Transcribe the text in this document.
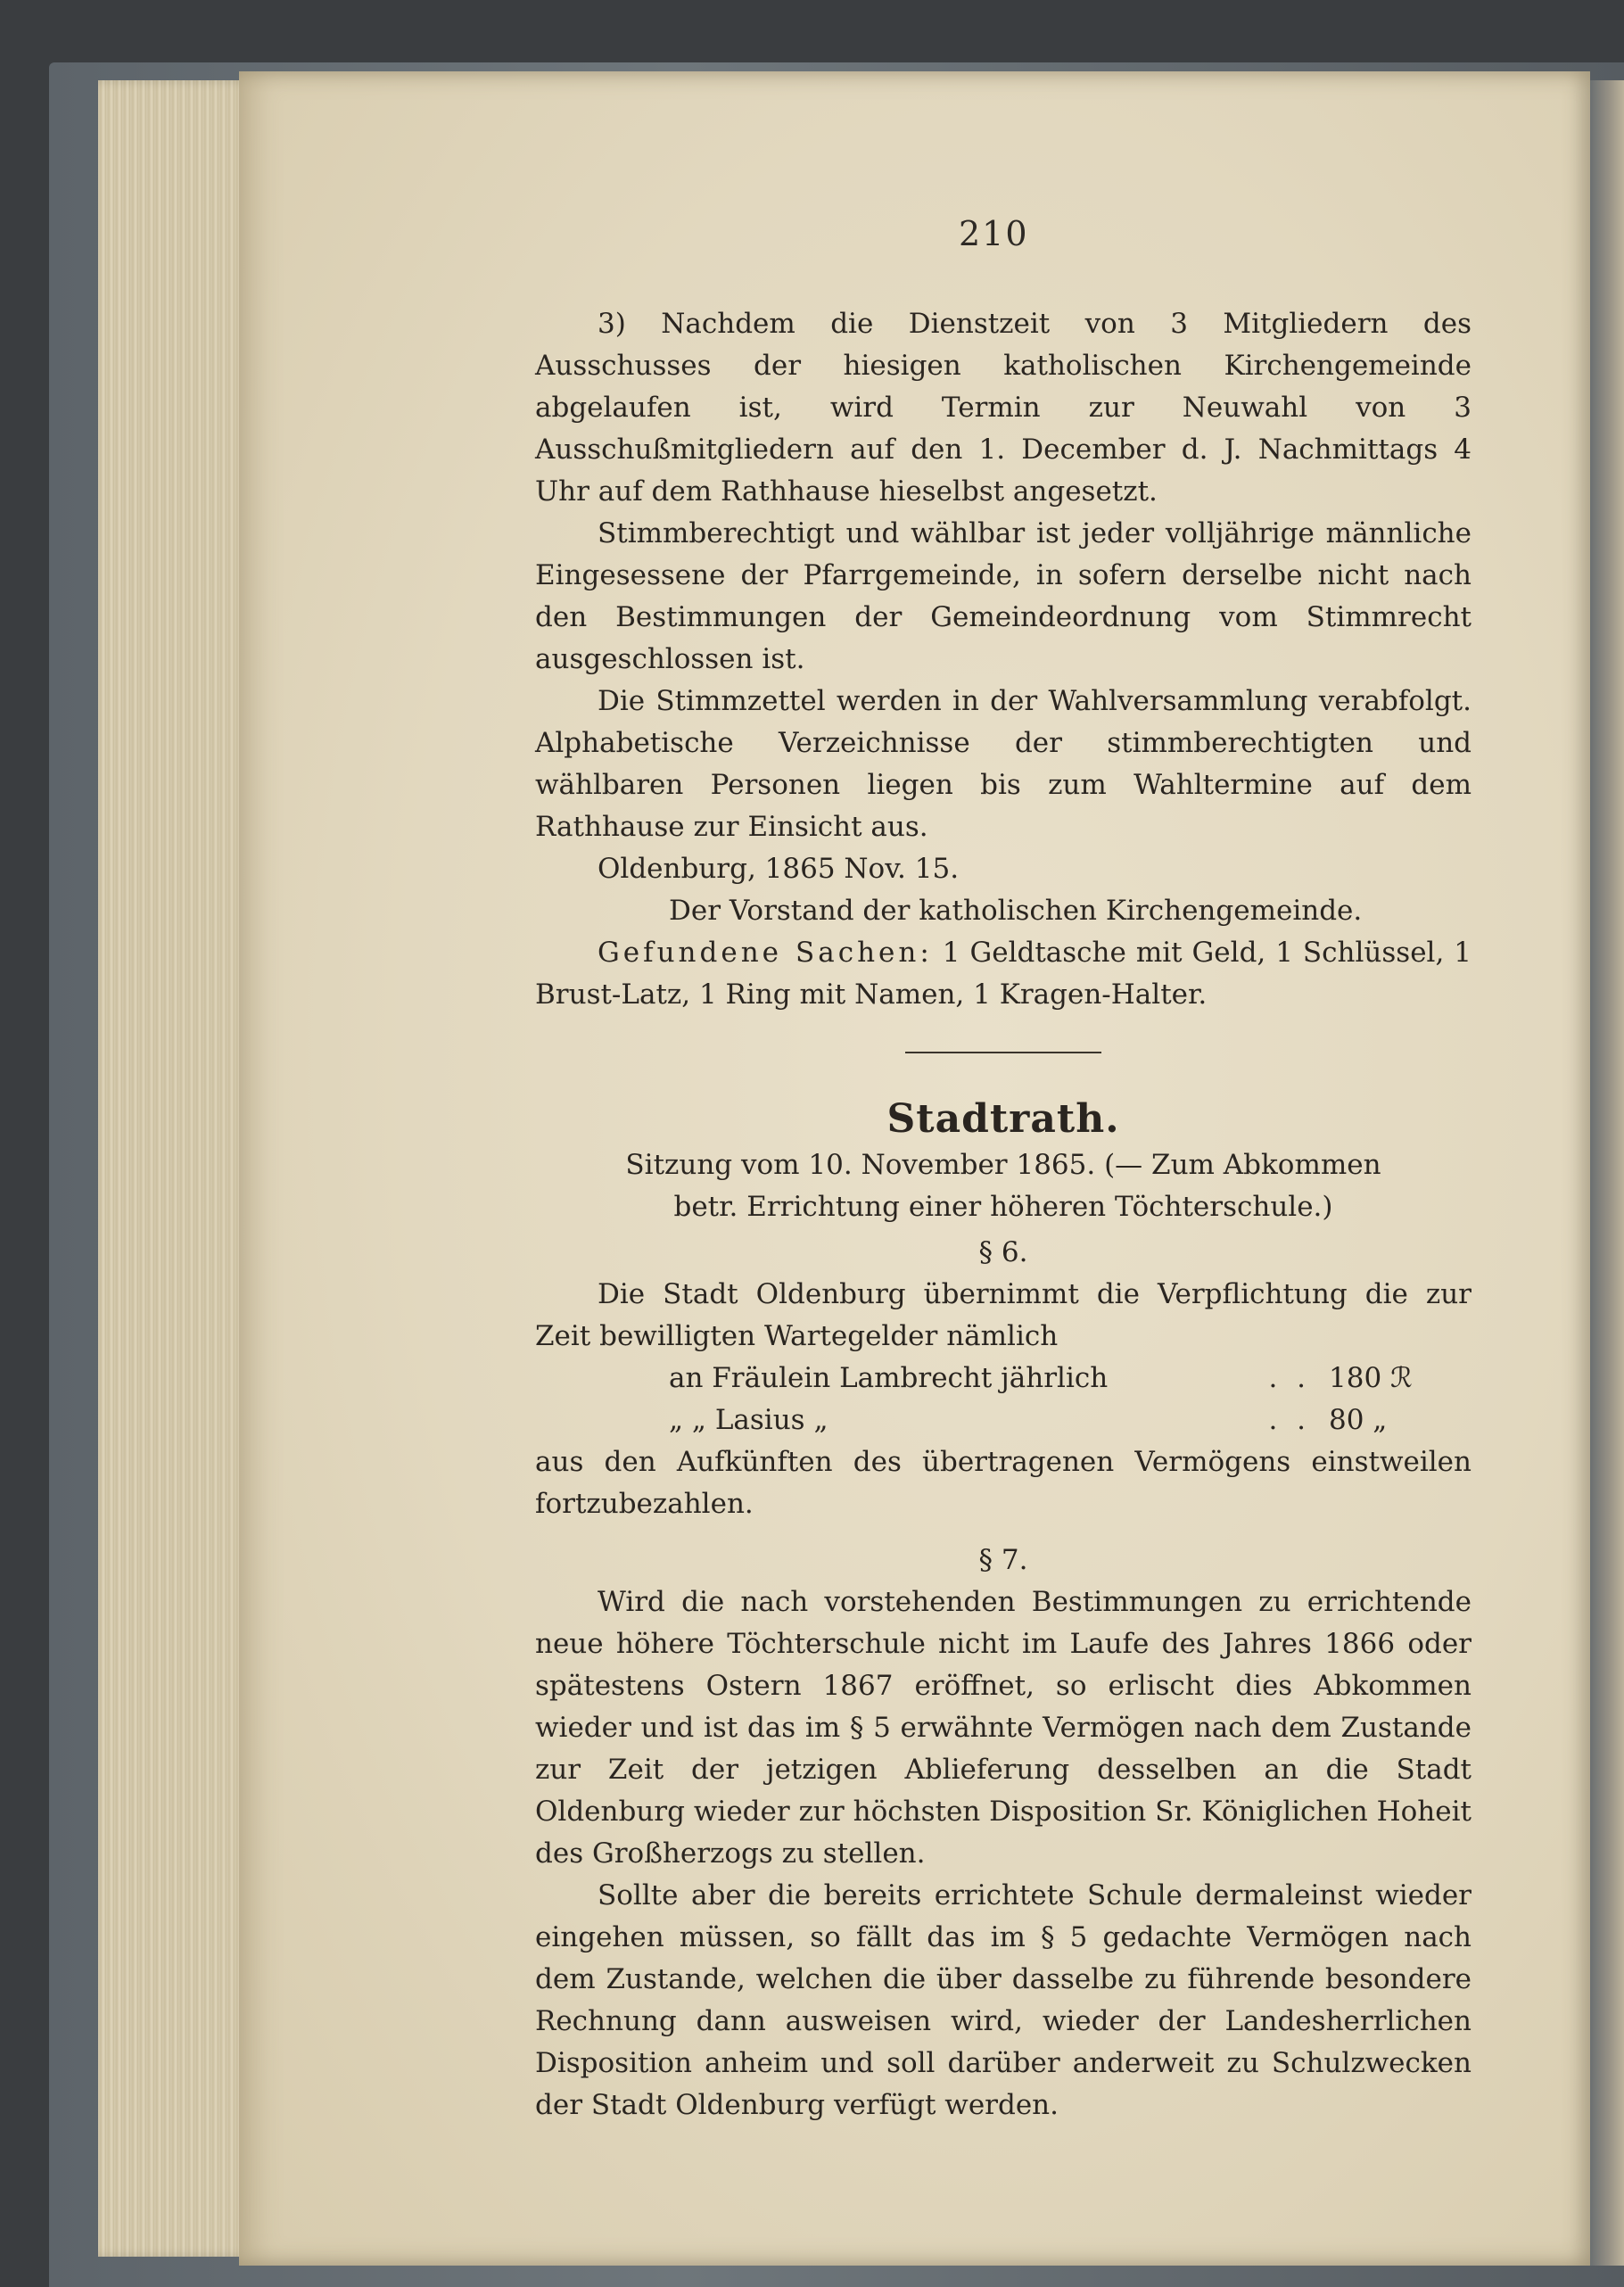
210

3) Nachdem die Dienstzeit von 3 Mitgliedern des Ausschusses der hiesigen katholischen Kirchengemeinde abgelaufen ist, wird Termin zur Neuwahl von 3 Ausschußmitgliedern auf den 1. December d. J. Nachmittags 4 Uhr auf dem Rathhause hieselbst angesetzt.

Stimmberechtigt und wählbar ist jeder volljährige männliche Eingesessene der Pfarrgemeinde, in sofern derselbe nicht nach den Bestimmungen der Gemeindeordnung vom Stimmrecht ausgeschlossen ist.

Die Stimmzettel werden in der Wahlversammlung verabfolgt. Alphabetische Verzeichnisse der stimmberechtigten und wählbaren Personen liegen bis zum Wahltermine auf dem Rathhause zur Einsicht aus.

Oldenburg, 1865 Nov. 15.

Der Vorstand der katholischen Kirchengemeinde.

Gefundene Sachen: 1 Geldtasche mit Geld, 1 Schlüssel, 1 Brust-Latz, 1 Ring mit Namen, 1 Kragen-Halter.

Stadtrath.
Sitzung vom 10. November 1865. (— Zum Abkommen
betr. Errichtung einer höheren Töchterschule.)
§ 6.

Die Stadt Oldenburg übernimmt die Verpflichtung die zur Zeit bewilligten Wartegelder nämlich

an Fräulein Lambrecht jährlich	. . 180 ℛ
„ „ Lasius „	. . 80 „

aus den Aufkünften des übertragenen Vermögens einstweilen fortzubezahlen.

§ 7.

Wird die nach vorstehenden Bestimmungen zu errichtende neue höhere Töchterschule nicht im Laufe des Jahres 1866 oder spätestens Ostern 1867 eröffnet, so erlischt dies Abkommen wieder und ist das im § 5 erwähnte Vermögen nach dem Zustande zur Zeit der jetzigen Ablieferung desselben an die Stadt Oldenburg wieder zur höchsten Disposition Sr. Königlichen Hoheit des Großherzogs zu stellen.

Sollte aber die bereits errichtete Schule dermaleinst wieder eingehen müssen, so fällt das im § 5 gedachte Vermögen nach dem Zustande, welchen die über dasselbe zu führende besondere Rechnung dann ausweisen wird, wieder der Landesherrlichen Disposition anheim und soll darüber anderweit zu Schulzwecken der Stadt Oldenburg verfügt werden.
